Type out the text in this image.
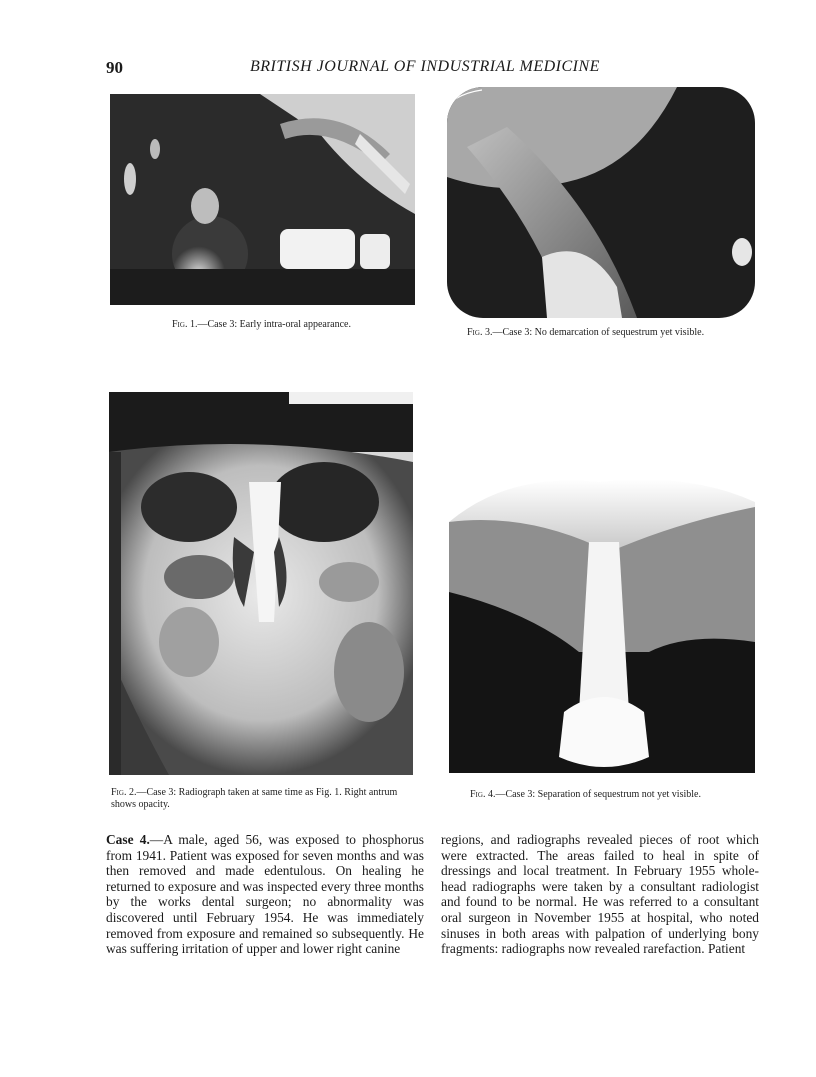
90	BRITISH JOURNAL OF INDUSTRIAL MEDICINE
Fig. 1.—Case 3: Early intra-oral appearance.
Fig. 3.—Case 3: No demarcation of sequestrum yet visible.
Fig. 2.—Case 3: Radiograph taken at same time as Fig. 1. Right antrum shows opacity.
Fig. 4.—Case 3: Separation of sequestrum not yet visible.

Case 4.—A male, aged 56, was exposed to phosphorus from 1941. Patient was exposed for seven months and was then removed and made edentulous. On healing he returned to exposure and was inspected every three months by the works dental surgeon; no abnormality was discovered until February 1954. He was immediately removed from exposure and remained so subsequently. He was suffering irritation of upper and lower right canine

regions, and radiographs revealed pieces of root which were extracted. The areas failed to heal in spite of dressings and local treatment. In February 1955 whole-head radiographs were taken by a consultant radiologist and found to be normal. He was referred to a consultant oral surgeon in November 1955 at hospital, who noted sinuses in both areas with palpation of underlying bony fragments: radiographs now revealed rarefaction. Patient
